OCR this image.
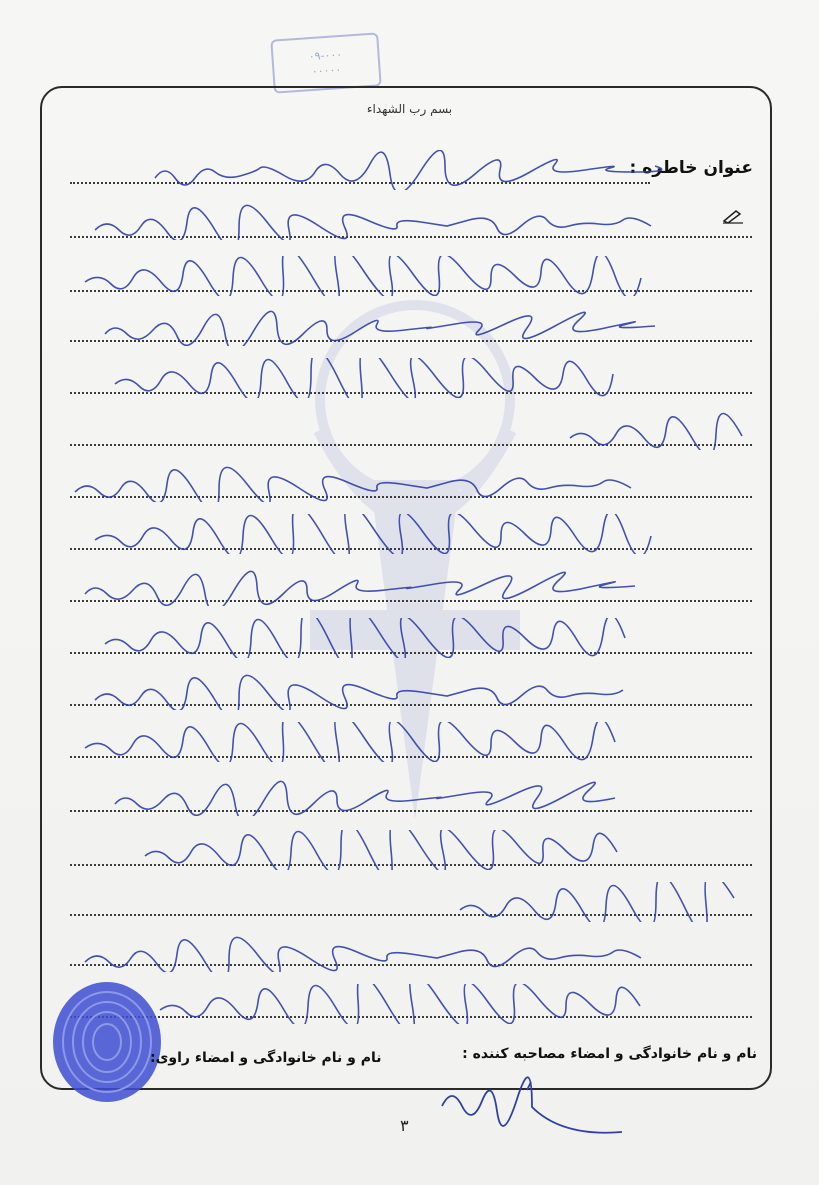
۰۹-۰۰۰
۰۰۰۰۰
بسم رب الشهداء
عنوان خاطره :
نام و نام خانوادگی و امضاء راوی:	نام و نام خانوادگی و امضاء مصاحبه کننده :
۳
